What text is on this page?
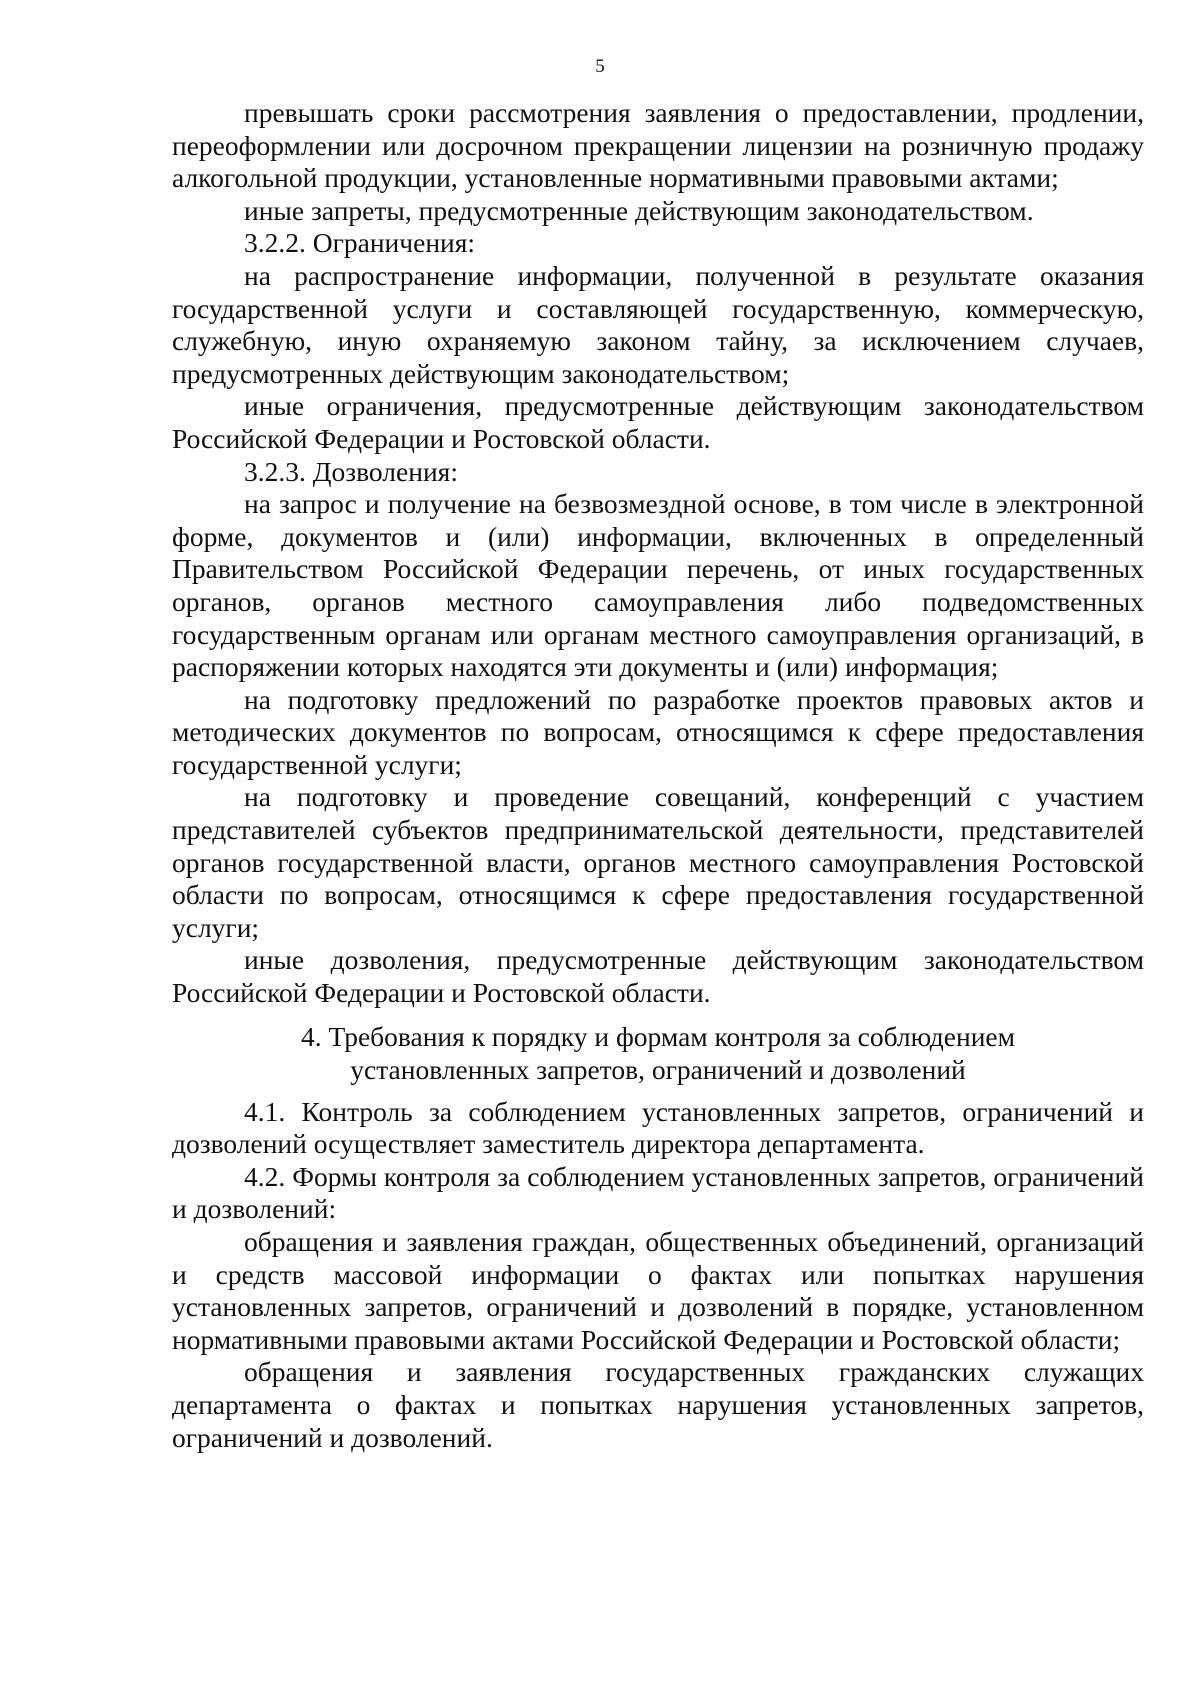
5

превышать сроки рассмотрения заявления о предоставлении, продлении, переоформлении или досрочном прекращении лицензии на розничную продажу алкогольной продукции, установленные нормативными правовыми актами;

иные запреты, предусмотренные действующим законодательством.

3.2.2. Ограничения:

на распространение информации, полученной в результате оказания государственной услуги и составляющей государственную, коммерческую, служебную, иную охраняемую законом тайну, за исключением случаев, предусмотренных действующим законодательством;

иные ограничения, предусмотренные действующим законодательством Российской Федерации и Ростовской области.

3.2.3. Дозволения:

на запрос и получение на безвозмездной основе, в том числе в электронной форме, документов и (или) информации, включенных в определенный Правительством Российской Федерации перечень, от иных государственных органов, органов местного самоуправления либо подведомственных государственным органам или органам местного самоуправления организаций, в распоряжении которых находятся эти документы и (или) информация;

на подготовку предложений по разработке проектов правовых актов и методических документов по вопросам, относящимся к сфере предоставления государственной услуги;

на подготовку и проведение совещаний, конференций с участием представителей субъектов предпринимательской деятельности, представителей органов государственной власти, органов местного самоуправления Ростовской области по вопросам, относящимся к сфере предоставления государственной услуги;

иные дозволения, предусмотренные действующим законодательством Российской Федерации и Ростовской области.

4. Требования к порядку и формам контроля за соблюдением
установленных запретов, ограничений и дозволений

4.1. Контроль за соблюдением установленных запретов, ограничений и дозволений осуществляет заместитель директора департамента.

4.2. Формы контроля за соблюдением установленных запретов, ограничений и дозволений:

обращения и заявления граждан, общественных объединений, организаций и средств массовой информации о фактах или попытках нарушения установленных запретов, ограничений и дозволений в порядке, установленном нормативными правовыми актами Российской Федерации и Ростовской области;

обращения и заявления государственных гражданских служащих департамента о фактах и попытках нарушения установленных запретов, ограничений и дозволений.
